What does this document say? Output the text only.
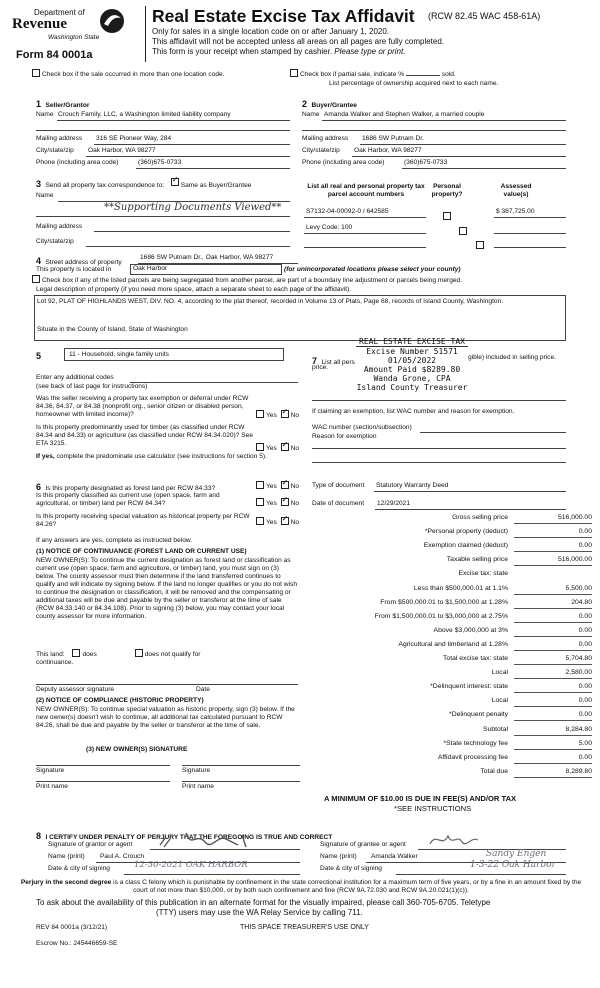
Department of
Revenue
Washington State
Form 84 0001a
Real Estate Excise Tax Affidavit (RCW 82.45 WAC 458-61A)
Only for sales in a single location code on or after January 1, 2020.
This affidavit will not be accepted unless all areas on all pages are fully completed.
This form is your receipt when stamped by cashier. Please type or print.
Check box if the sale occurred in more than one location code.	Check box if partial sale, indicate %	sold.
List percentage of ownership acquired next to each name.
1 Seller/Grantor
Name Crouch Family, LLC, a Washington limited liability company
Mailing address 316 SE Pioneer Way, 284
City/state/zip Oak Harbor, WA 98277
Phone (including area code)	(360)675-0733
2 Buyer/Grantee
Name Amanda Walker and Stephen Walker, a married couple
Mailing address 1686 SW Putnam Dr.
City/state/zip Oak Harbor, WA 98277
Phone (including area code)	(360)675-0733
3 Send all property tax correspondence to: ✓ Same as Buyer/Grantee
Name
**Supporting Documents Viewed**
Mailing address
City/state/zip
List all real and personal property tax parcel account numbers
Personal property?
Assessed value(s)
S7132-04-00092-0 / 642585
	$ 387,725.00
Levy Code: 100

4 Street address of property
1686 SW Putnam Dr., Oak Harbor, WA 98277
This property is located in	Oak Harbor	(for unincorporated locations please select your county)
Check box if any of the listed parcels are being segregated from another parcel, are part of a boundary line adjustment or parcels being merged.
Legal description of property (if you need more space, attach a separate sheet to each page of the affidavit).
Lot 92, PLAT OF HIGHLANDS WEST, DIV. NO. 4, according to the plat thereof, recorded in Volume 13 of Plats, Page 68, records of Island County, Washington.
Situate in the County of Island, State of Washington
5	11 - Household, single family units
Enter any additional codes
(see back of last page for instructions)
Was the seller receiving a property tax exemption or deferral under RCW 84.36, 84.37, or 84.38 (nonprofit org., senior citizen or disabled person, homeowner with limited income)?	Yes ✓ No
Is this property predominantly used for timber (as classified under RCW 84.34 and 84.33) or agriculture (as classified under RCW 84.34.020)? See ETA 3215.
Yes ✓ No
If yes, complete the predominate use calculator (see instructions for section 5).
7 List all pers
gible) included in selling price.
price.
REAL ESTATE EXCISE TAX
Excise Number 51571
01/05/2022
Amount Paid $8289.80
Wanda Grone, CPA
Island County Treasurer
If claiming an exemption, list WAC number and reason for exemption.
WAC number (section/subsection)
Reason for exemption
6 Is this property designated as forest land per RCW 84.33?	Yes ✓ No
Is this property classified as current use (open space, farm and agricultural, or timber) land per RCW 84.34?	Yes ✓ No
Is this property receiving special valuation as historical property per RCW 84.26?	Yes ✓ No
If any answers are yes, complete as instructed below.
(1) NOTICE OF CONTINUANCE (FOREST LAND OR CURRENT USE)
NEW OWNER(S): To continue the current designation as forest land or classification as current use (open space, farm and agriculture, or timber) land, you must sign on (3) below. The county assessor must then determine if the land transferred continues to qualify and will indicate by signing below. If the land no longer qualifies or you do not wish to continue the designation or classification, it will be removed and the compensating or additional taxes will be due and payable by the seller or transferor at the time of sale (RCW 84.33.140 or 84.34.108). Prior to signing (3) below, you may contact your local county assessor for more information.
This land:	does	does not qualify for
continuance.
Deputy assessor signature	Date
(2) NOTICE OF COMPLIANCE (HISTORIC PROPERTY)
NEW OWNER(S): To continue special valuation as historic property, sign (3) below. If the new owner(s) doesn't wish to continue, all additional tax calculated pursuant to RCW 84.26, shall be due and payable by the seller or transferor at the time of sale.
(3) NEW OWNER(S) SIGNATURE
Signature	Signature
Print name	Print name
Type of document Statutory Warranty Deed
Date of document 12/29/2021
Gross selling price	516,000.00
*Personal property (deduct)	0.00
Exemption claimed (deduct)	0.00
Taxable selling price	516,000.00
Excise tax: state
Less than $500,000.01 at 1.1%	5,500.00
From $500,000.01 to $1,500,000 at 1.28%	204.80
From $1,500,000.01 to $3,000,000 at 2.75%	0.00
Above $3,000,000 at 3%	0.00
Agricultural and timberland at 1.28%	0.00
Total excise tax: state	5,704.80
Local	2,580.00
*Delinquent interest: state	0.00
Local	0.00
*Delinquent penalty	0.00
Subtotal	8,284.80
*State technology fee	5.00
Affidavit processing fee	0.00
Total due	8,289.80
A MINIMUM OF $10.00 IS DUE IN FEE(S) AND/OR TAX
*SEE INSTRUCTIONS
8 I CERTIFY UNDER PENALTY OF PERJURY THAT THE FOREGOING IS TRUE AND CORRECT
Signature of grantor or agent
Name (print) Paul A. Crouch
Date & city of signing	12-30-2021 OAK HARBOR
Signature of grantee or agent
Name (print) Amanda Walker	Sandy Engen
Date & city of signing	1-3-22 Oak Harbor
Perjury in the second degree is a class C felony which is punishable by confinement in the state correctional institution for a maximum term of five years, or by a fine in an amount fixed by the court of not more than $10,000, or by both such confinement and fine (RCW 9A.72.030 and RCW 9A.20.021(1)(c)).
To ask about the availability of this publication in an alternate format for the visually impaired, please call 360-705-6705. Teletype
(TTY) users may use the WA Relay Service by calling 711.
REV 84 0001a (3/12/21)	THIS SPACE TREASURER'S USE ONLY
Escrow No.: 245446659-SE
